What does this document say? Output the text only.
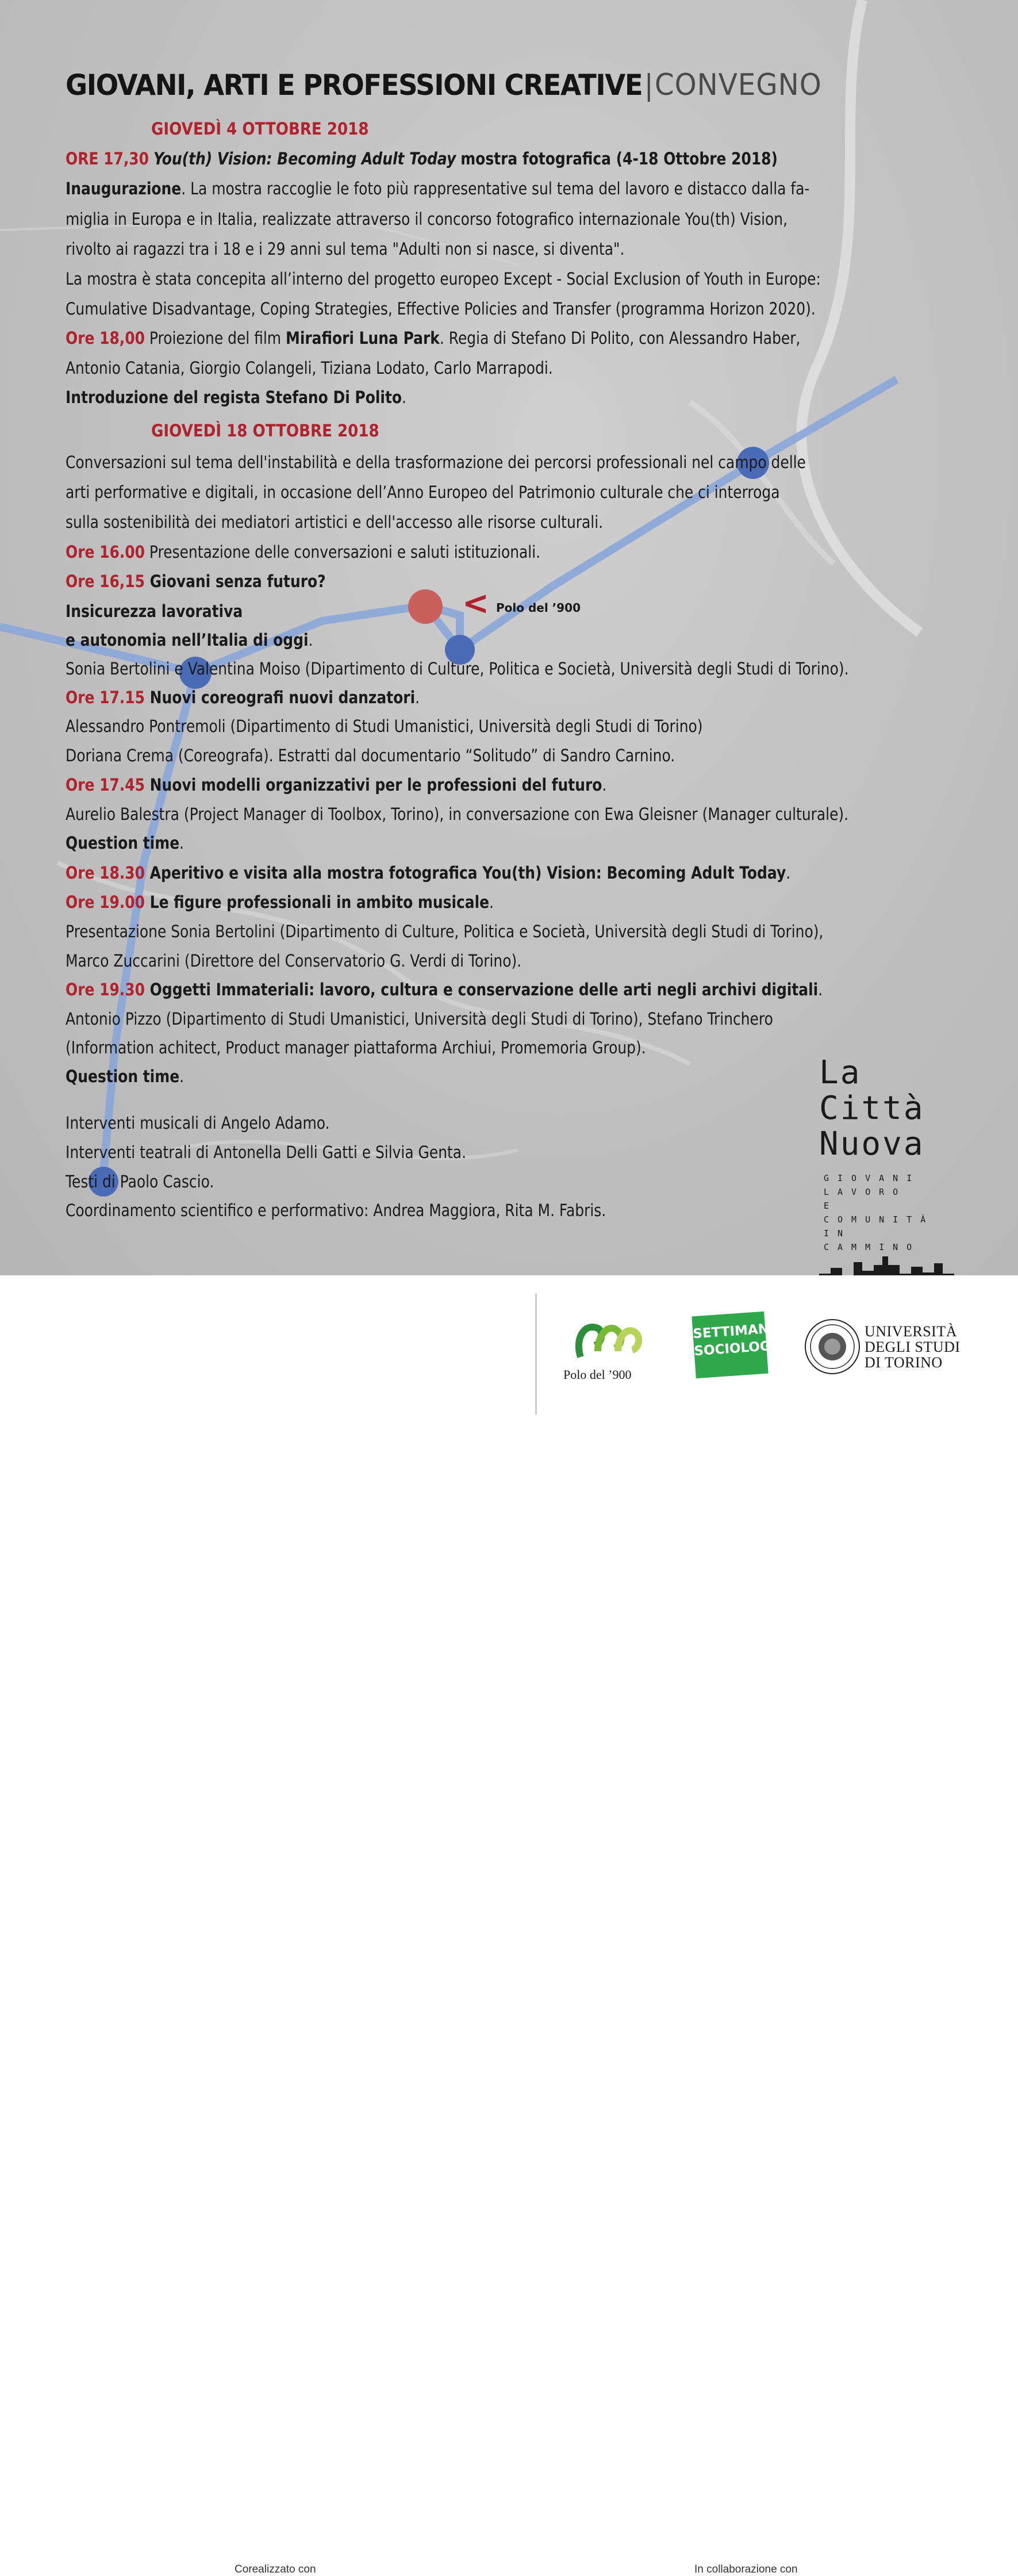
GIOVANI, ARTI E PROFESSIONI CREATIVE|CONVEGNO
GIOVEDÌ 4 OTTOBRE 2018
ORE 17,30 You(th) Vision: Becoming Adult Today mostra fotografica (4-18 Ottobre 2018)
Inaugurazione. La mostra raccoglie le foto più rappresentative sul tema del lavoro e distacco dalla fa-
miglia in Europa e in Italia, realizzate attraverso il concorso fotografico internazionale You(th) Vision,
rivolto ai ragazzi tra i 18 e i 29 anni sul tema "Adulti non si nasce, si diventa".
La mostra è stata concepita all’interno del progetto europeo Except - Social Exclusion of Youth in Europe:
Cumulative Disadvantage, Coping Strategies, Effective Policies and Transfer (programma Horizon 2020).
Ore 18,00 Proiezione del film Mirafiori Luna Park. Regia di Stefano Di Polito, con Alessandro Haber,
Antonio Catania, Giorgio Colangeli, Tiziana Lodato, Carlo Marrapodi.
Introduzione del regista Stefano Di Polito.
GIOVEDÌ 18 OTTOBRE 2018
Conversazioni sul tema dell'instabilità e della trasformazione dei percorsi professionali nel campo delle
arti performative e digitali, in occasione dell’Anno Europeo del Patrimonio culturale che ci interroga
sulla sostenibilità dei mediatori artistici e dell'accesso alle risorse culturali.
Ore 16.00 Presentazione delle conversazioni e saluti istituzionali.
Ore 16,15 Giovani senza futuro?
Insicurezza lavorativa
e autonomia nell’Italia di oggi.
Sonia Bertolini e Valentina Moiso (Dipartimento di Culture, Politica e Società, Università degli Studi di Torino).
Ore 17.15 Nuovi coreografi nuovi danzatori.
Alessandro Pontremoli (Dipartimento di Studi Umanistici, Università degli Studi di Torino)
Doriana Crema (Coreografa). Estratti dal documentario “Solitudo” di Sandro Carnino.
Ore 17.45 Nuovi modelli organizzativi per le professioni del futuro.
Aurelio Balestra (Project Manager di Toolbox, Torino), in conversazione con Ewa Gleisner (Manager culturale).
Question time.
Ore 18.30 Aperitivo e visita alla mostra fotografica You(th) Vision: Becoming Adult Today.
Ore 19.00 Le figure professionali in ambito musicale.
Presentazione Sonia Bertolini (Dipartimento di Culture, Politica e Società, Università degli Studi di Torino),
Marco Zuccarini (Direttore del Conservatorio G. Verdi di Torino).
Ore 19.30 Oggetti Immateriali: lavoro, cultura e conservazione delle arti negli archivi digitali.
Antonio Pizzo (Dipartimento di Studi Umanistici, Università degli Studi di Torino), Stefano Trinchero
(Information achitect, Product manager piattaforma Archiui, Promemoria Group).
Question time.
Interventi musicali di Angelo Adamo.
Interventi teatrali di Antonella Delli Gatti e Silvia Genta.
Testi di Paolo Cascio.
Coordinamento scientifico e performativo: Andrea Maggiora, Rita M. Fabris.
< Polo del ’900
La Città
Nuova
GIOVANI
LAVORO
E COMUNITÀ
IN CAMMINO
Corealizzato con	In collaborazione con
Polo del ’900
SETTIMANA
SOCIOLOGIA
UNIVERSITÀ
DEGLI STUDI
DI TORINO
